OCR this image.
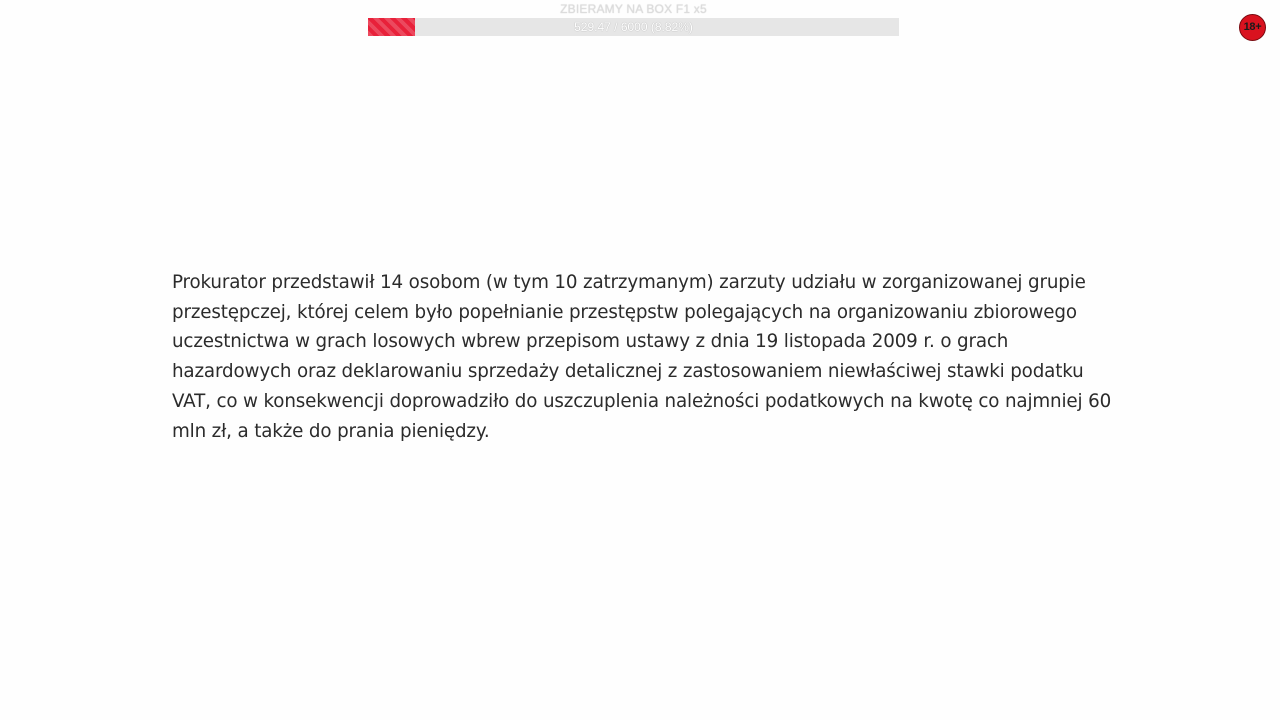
ZBIERAMY NA BOX F1 x5
529.47 / 6000 (8.82%)	18+

Prokurator przedstawił 14 osobom (w tym 10 zatrzymanym) zarzuty udziału w zorganizowanej grupie przestępczej, której celem było popełnianie przestępstw polegających na organizowaniu zbiorowego uczestnictwa w grach losowych wbrew przepisom ustawy z dnia 19 listopada 2009 r. o grach hazardowych oraz deklarowaniu sprzedaży detalicznej z zastosowaniem niewłaściwej stawki podatku VAT, co w konsekwencji doprowadziło do uszczuplenia należności podatkowych na kwotę co najmniej 60 mln zł, a także do prania pieniędzy.
